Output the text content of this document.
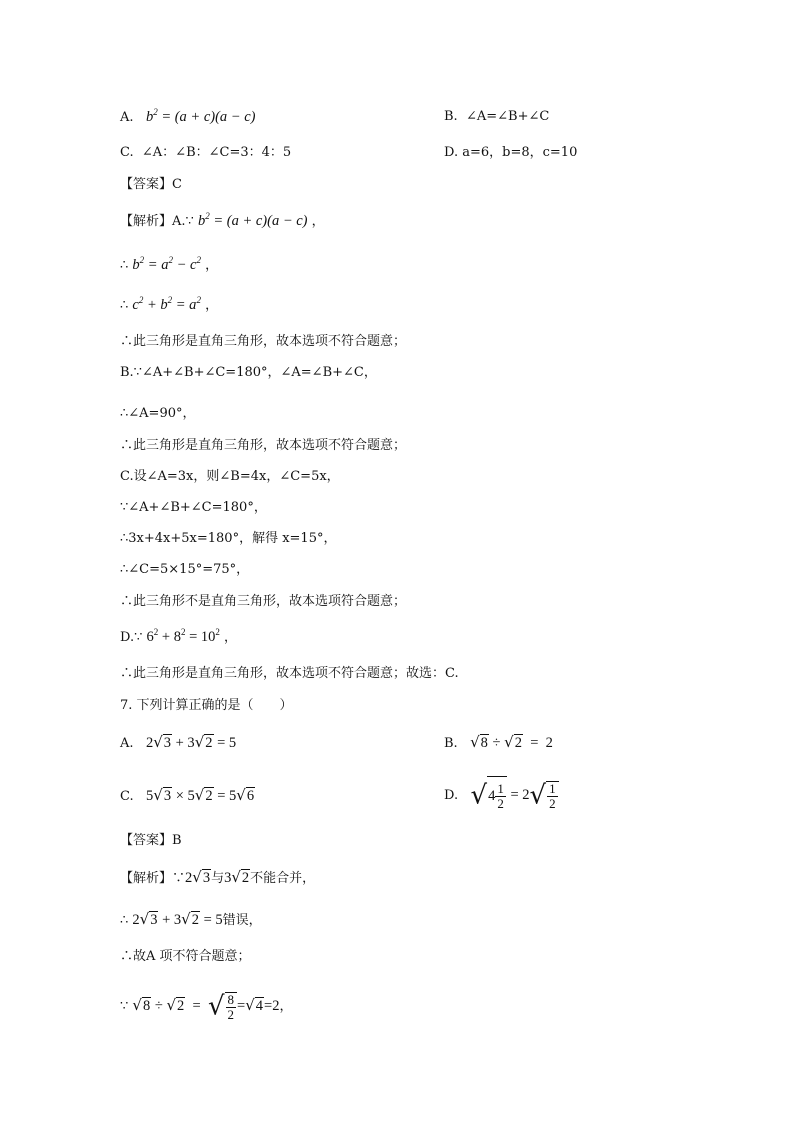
A. $b^2 = (a + c)(a - c)$	B. ∠A=∠B+∠C
C. ∠A：∠B：∠C=3：4：5	D. a=6，b=8，c=10
【答案】C
【解析】A.∵ $b^2 = (a + c)(a - c)$ ，
∴ $b^2 = a^2 - c^2$ ，
∴ $c^2 + b^2 = a^2$ ，
∴此三角形是直角三角形，故本选项不符合题意；
B.∵∠A+∠B+∠C=180°，∠A=∠B+∠C，
∴∠A=90°，
∴此三角形是直角三角形，故本选项不符合题意；
C.设∠A=3x，则∠B=4x，∠C=5x，
∵∠A+∠B+∠C=180°，
∴3x+4x+5x=180°，解得 x=15°，
∴∠C=5×15°=75°，
∴此三角形不是直角三角形，故本选项符合题意；
D.∵ $6^2 + 8^2 = 10^2$ ，
∴此三角形是直角三角形，故本选项不符合题意；故选：C.
7. 下列计算正确的是（　　）
A. 2√3 + 3√2 = 5	B. √8 ÷ √2  =  2
C. 5√3 × 5√2 = 5√6	D. $√4 \frac{1}{2} = 2√ \frac{1}{2}$
【答案】B
【解析】∵2√3与3√2不能合并，
∴ 2√3 + 3√2 = 5错误，
∴故A 项不符合题意；
∵ √8 ÷ √2  =  √ $\frac{8}{2} =√4=2$，
